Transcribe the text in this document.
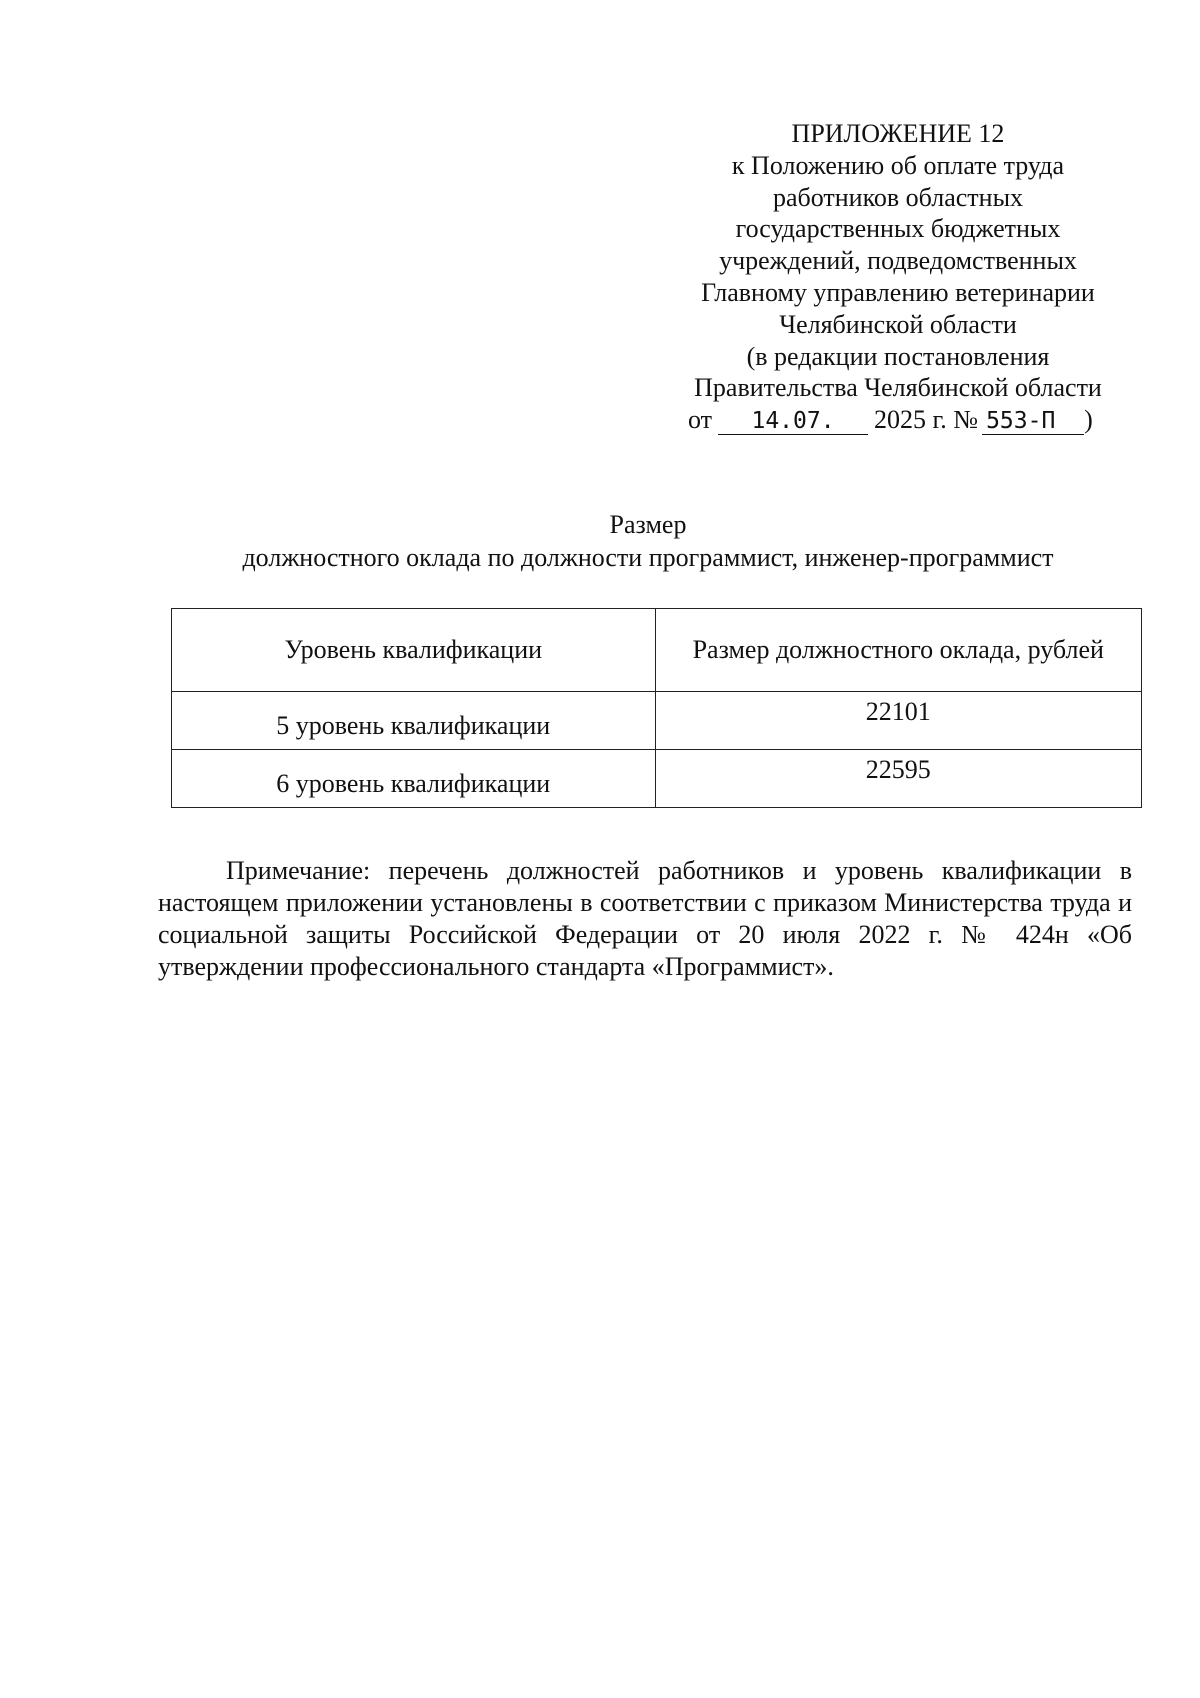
ПРИЛОЖЕНИЕ 12
к Положению об оплате труда
работников областных
государственных бюджетных
учреждений, подведомственных
Главному управлению ветеринарии
Челябинской области
(в редакции постановления
Правительства Челябинской области
от 14.07. 2025 г. № 553-П )
Размер
должностного оклада по должности программист, инженер-программист
Уровень квалификации	Размер должностного оклада, рублей
5 уровень квалификации	22101
6 уровень квалификации	22595

Примечание: перечень должностей работников и уровень квалификации в настоящем приложении установлены в соответствии с приказом Министерства труда и социальной защиты Российской Федерации от 20 июля 2022 г. № 424н «Об утверждении профессионального стандарта «Программист».
